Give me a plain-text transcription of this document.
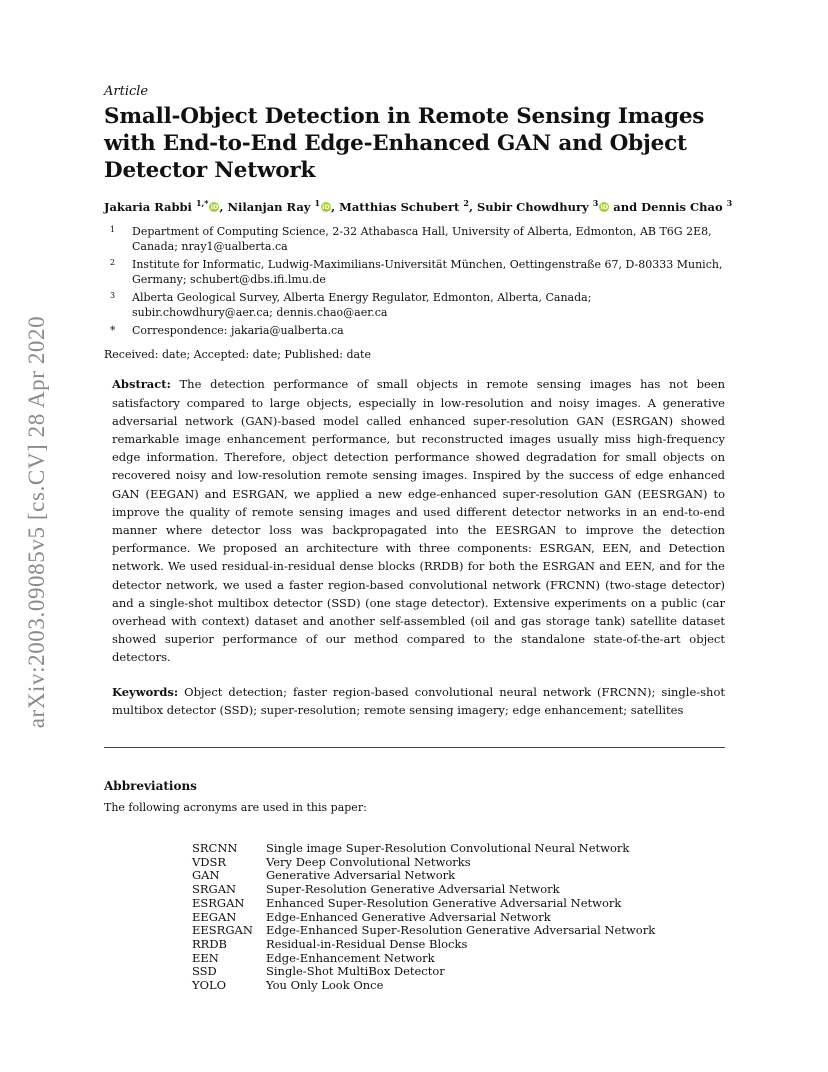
arXiv:2003.09085v5 [cs.CV] 28 Apr 2020
Article
Small-Object Detection in Remote Sensing Images with End-to-End Edge-Enhanced GAN and Object Detector Network
Jakaria Rabbi $^{1,*}$ iD, Nilanjan Ray $^1$ iD, Matthias Schubert $^2$, Subir Chowdhury $^3$ iD and Dennis Chao $^3$
1 Department of Computing Science, 2-32 Athabasca Hall, University of Alberta, Edmonton, AB T6G 2E8, Canada; nray1@ualberta.ca
2 Institute for Informatic, Ludwig-Maximilians-Universität München, Oettingenstraße 67, D-80333 Munich, Germany; schubert@dbs.ifi.lmu.de
3 Alberta Geological Survey, Alberta Energy Regulator, Edmonton, Alberta, Canada; subir.chowdhury@aer.ca; dennis.chao@aer.ca
* Correspondence: jakaria@ualberta.ca
Received: date; Accepted: date; Published: date

Abstract: The detection performance of small objects in remote sensing images has not been satisfactory compared to large objects, especially in low-resolution and noisy images. A generative adversarial network (GAN)-based model called enhanced super-resolution GAN (ESRGAN) showed remarkable image enhancement performance, but reconstructed images usually miss high-frequency edge information. Therefore, object detection performance showed degradation for small objects on recovered noisy and low-resolution remote sensing images. Inspired by the success of edge enhanced GAN (EEGAN) and ESRGAN, we applied a new edge-enhanced super-resolution GAN (EESRGAN) to improve the quality of remote sensing images and used different detector networks in an end-to-end manner where detector loss was backpropagated into the EESRGAN to improve the detection performance. We proposed an architecture with three components: ESRGAN, EEN, and Detection network. We used residual-in-residual dense blocks (RRDB) for both the ESRGAN and EEN, and for the detector network, we used a faster region-based convolutional network (FRCNN) (two-stage detector) and a single-shot multibox detector (SSD) (one stage detector). Extensive experiments on a public (car overhead with context) dataset and another self-assembled (oil and gas storage tank) satellite dataset showed superior performance of our method compared to the standalone state-of-the-art object detectors.

Keywords: Object detection; faster region-based convolutional neural network (FRCNN); single-shot multibox detector (SSD); super-resolution; remote sensing imagery; edge enhancement; satellites

Abbreviations
The following acronyms are used in this paper:
SRCNN	Single image Super-Resolution Convolutional Neural Network
VDSR	Very Deep Convolutional Networks
GAN	Generative Adversarial Network
SRGAN	Super-Resolution Generative Adversarial Network
ESRGAN	Enhanced Super-Resolution Generative Adversarial Network
EEGAN	Edge-Enhanced Generative Adversarial Network
EESRGAN	Edge-Enhanced Super-Resolution Generative Adversarial Network
RRDB	Residual-in-Residual Dense Blocks
EEN	Edge-Enhancement Network
SSD	Single-Shot MultiBox Detector
YOLO	You Only Look Once
